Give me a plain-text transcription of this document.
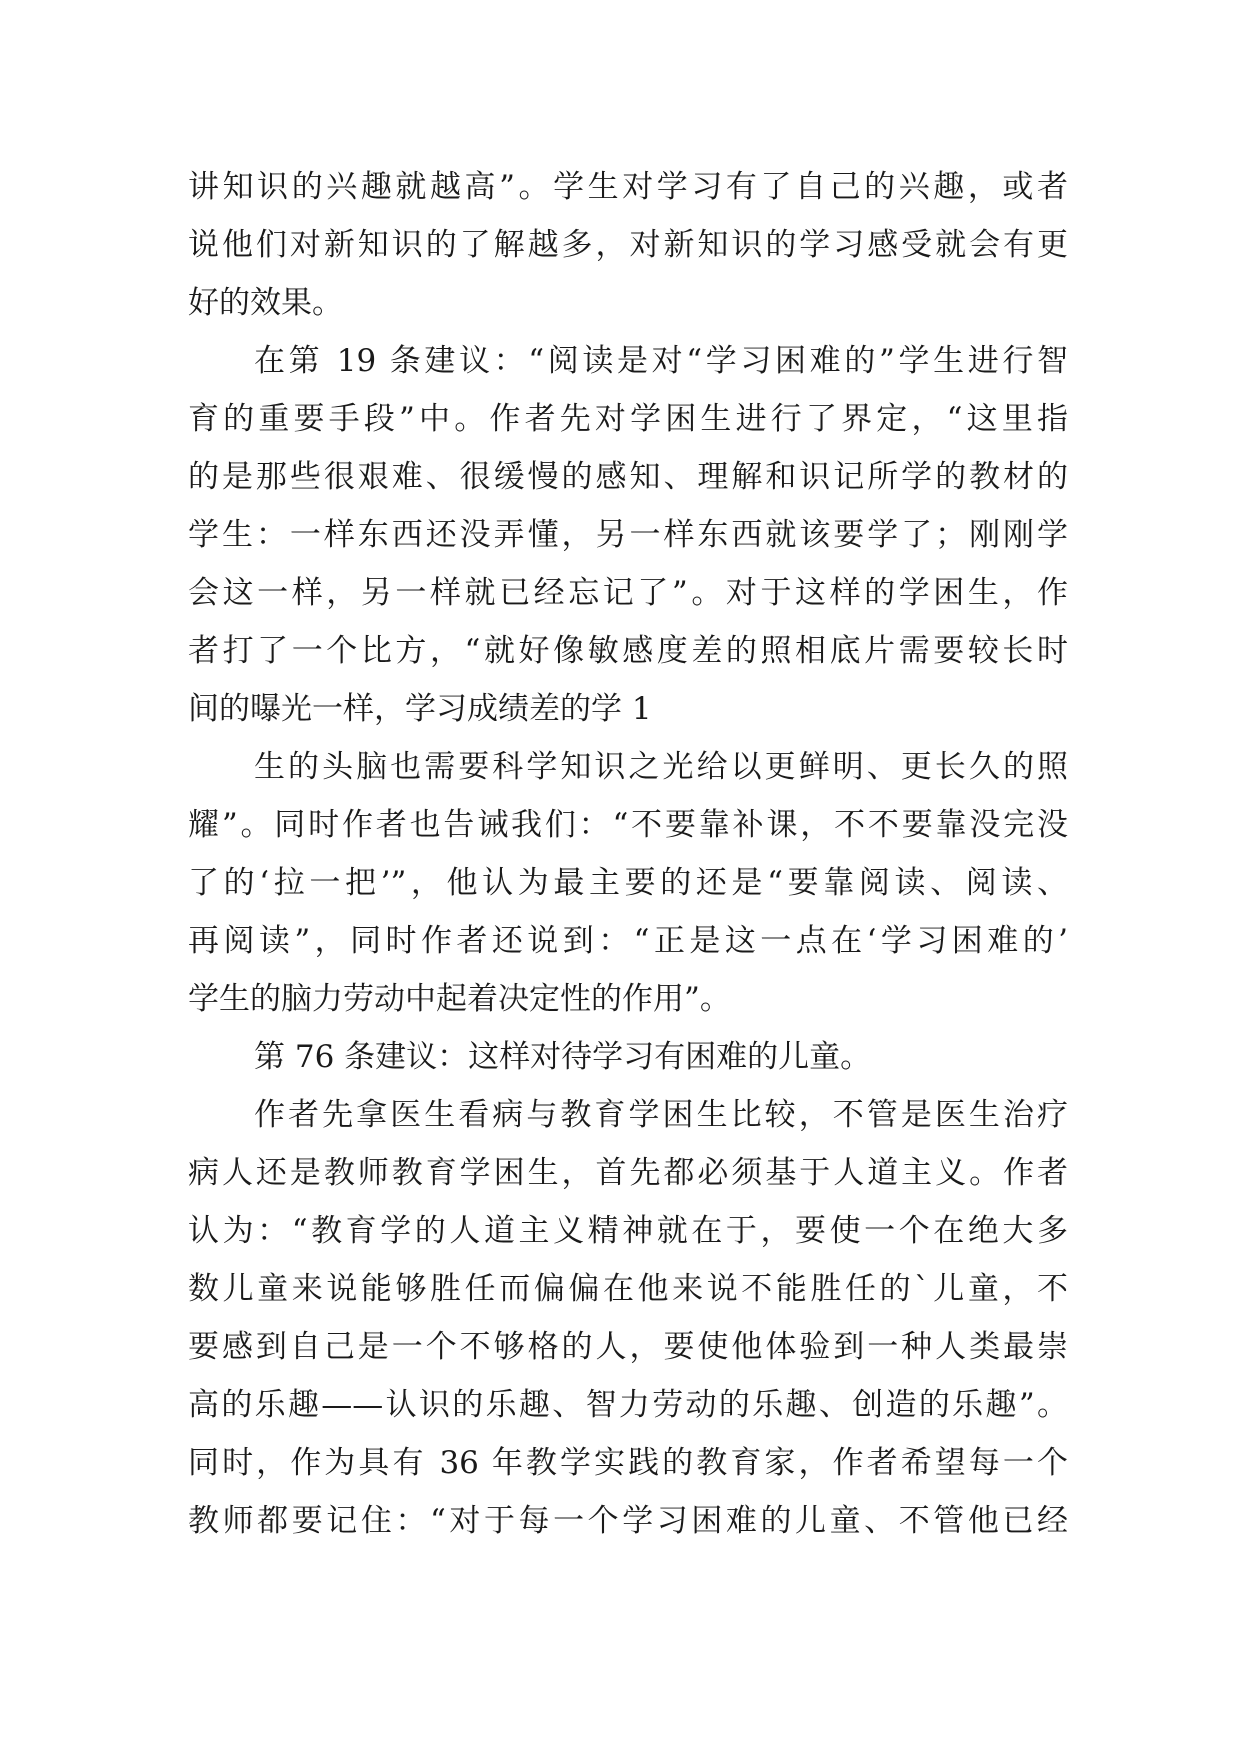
讲知识的兴趣就越高”。学生对学习有了自己的兴趣，或者
说他们对新知识的了解越多，对新知识的学习感受就会有更
好的效果。
在第 19 条建议：“阅读是对“学习困难的”学生进行智
育的重要手段”中。作者先对学困生进行了界定，“这里指
的是那些很艰难、很缓慢的感知、理解和识记所学的教材的
学生：一样东西还没弄懂，另一样东西就该要学了；刚刚学
会这一样，另一样就已经忘记了”。对于这样的学困生，作
者打了一个比方，“就好像敏感度差的照相底片需要较长时
间的曝光一样，学习成绩差的学 1
生的头脑也需要科学知识之光给以更鲜明、更长久的照
耀”。同时作者也告诫我们：“不要靠补课，不不要靠没完没
了的‘拉一把’”，他认为最主要的还是“要靠阅读、阅读、
再阅读”，同时作者还说到：“正是这一点在‘学习困难的’
学生的脑力劳动中起着决定性的作用”。
第 76 条建议：这样对待学习有困难的儿童。
作者先拿医生看病与教育学困生比较，不管是医生治疗
病人还是教师教育学困生，首先都必须基于人道主义。作者
认为：“教育学的人道主义精神就在于，要使一个在绝大多
数儿童来说能够胜任而偏偏在他来说不能胜任的`儿童，不
要感到自己是一个不够格的人，要使他体验到一种人类最崇
高的乐趣——认识的乐趣、智力劳动的乐趣、创造的乐趣”。
同时，作为具有 36 年教学实践的教育家，作者希望每一个
教师都要记住：“对于每一个学习困难的儿童、不管他已经
